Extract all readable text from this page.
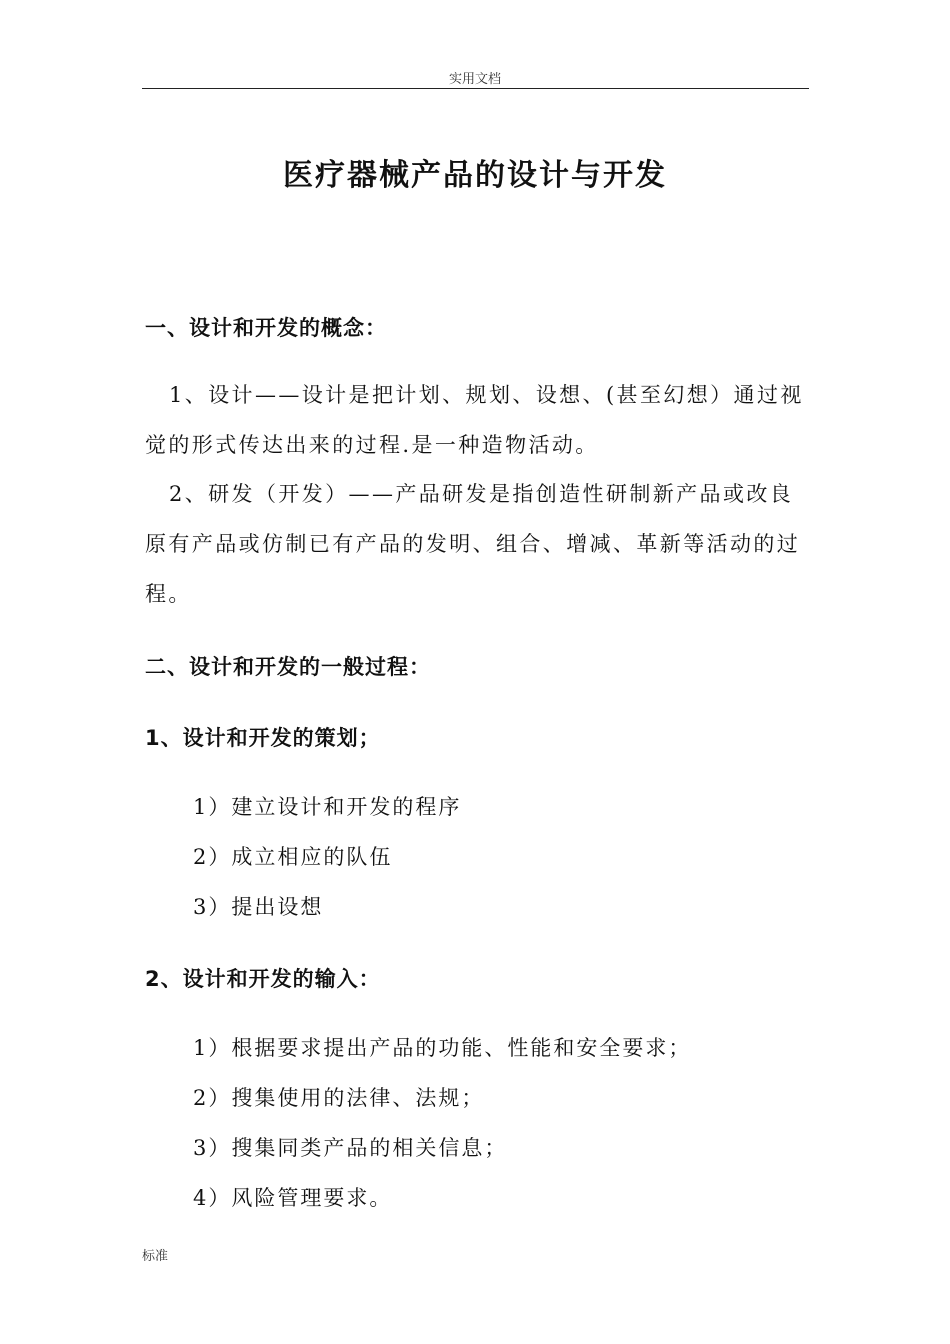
实用文档
医疗器械产品的设计与开发
一、设计和开发的概念：
1、设计——设计是把计划、规划、设想、(甚至幻想）通过视觉的形式传达出来的过程.是一种造物活动。
2、研发（开发）——产品研发是指创造性研制新产品或改良原有产品或仿制已有产品的发明、组合、增减、革新等活动的过程。
二、设计和开发的一般过程：
1、设计和开发的策划；
1）建立设计和开发的程序
2）成立相应的队伍
3）提出设想
2、设计和开发的输入：
1）根据要求提出产品的功能、性能和安全要求；
2）搜集使用的法律、法规；
3）搜集同类产品的相关信息；
4）风险管理要求。
标准
